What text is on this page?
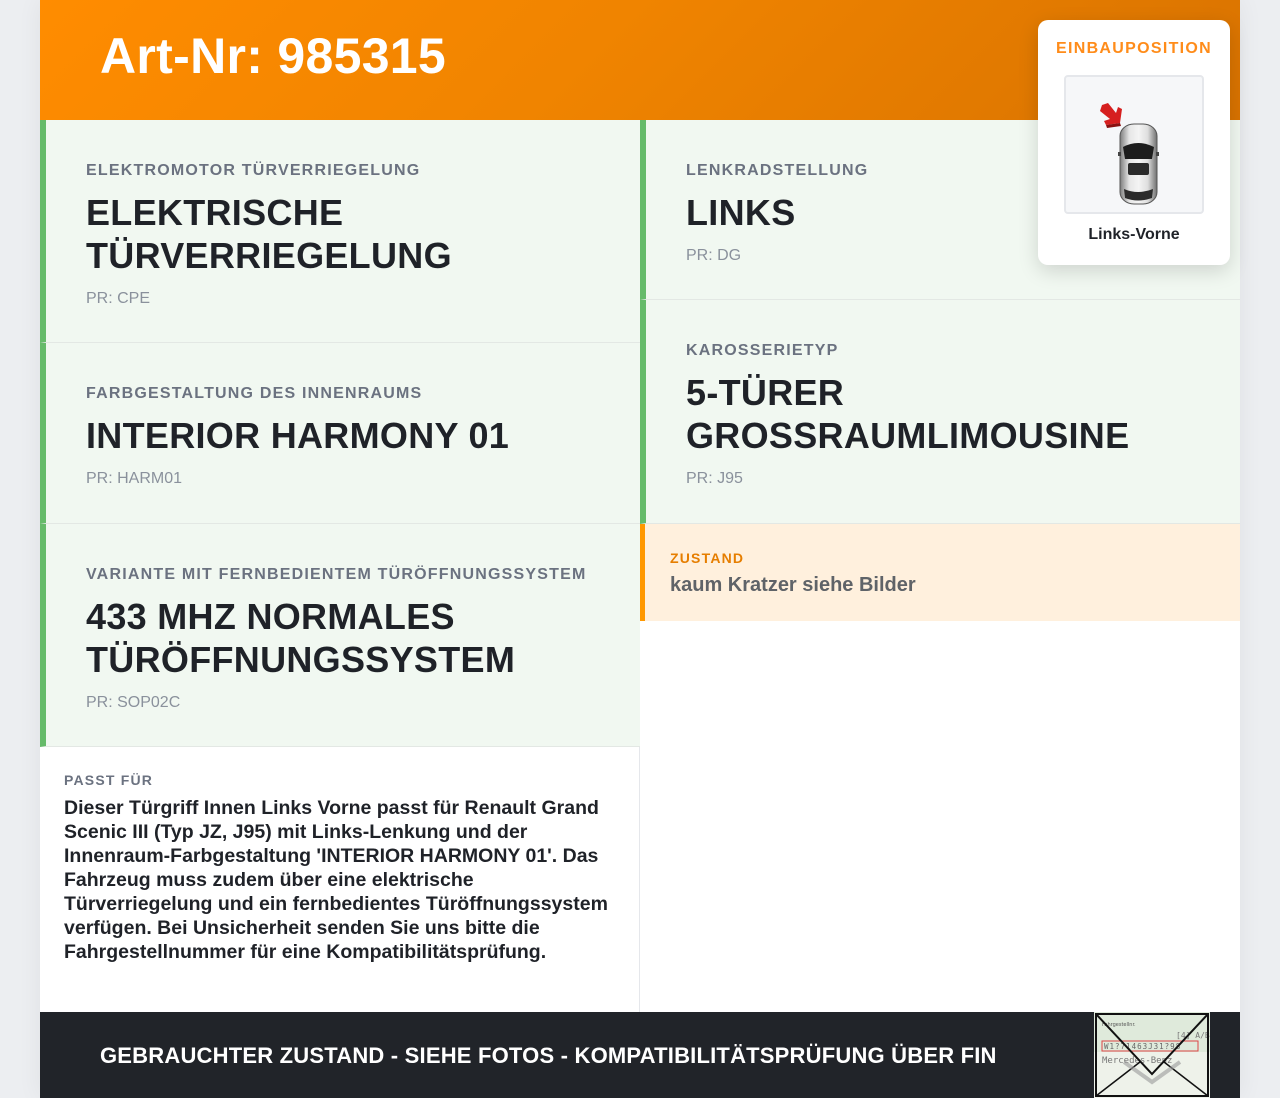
Art-Nr: 985315
ELEKTROMOTOR TÜRVERRIEGELUNG
ELEKTRISCHE TÜRVERRIEGELUNG
PR: CPE
LENKRADSTELLUNG
LINKS
PR: DG
FARBGESTALTUNG DES INNENRAUMS
INTERIOR HARMONY 01
PR: HARM01
KAROSSERIETYP
5-TÜRER GROSSRAUMLIMOUSINE
PR: J95
VARIANTE MIT FERNBEDIENTEM TÜRÖFFNUNGSSYSTEM
433 MHZ NORMALES TÜRÖFFNUNGSSYSTEM
PR: SOP02C
ZUSTAND
kaum Kratzer siehe Bilder
PASST FÜR
Dieser Türgriff Innen Links Vorne passt für Renault Grand Scenic III (Typ JZ, J95) mit Links-Lenkung und der Innenraum-Farbgestaltung 'INTERIOR HARMONY 01'. Das Fahrzeug muss zudem über eine elektrische Türverriegelung und ein fernbedientes Türöffnungssystem verfügen. Bei Unsicherheit senden Sie uns bitte die Fahrgestellnummer für eine Kompatibilitätsprüfung.
EINBAUPOSITION
Links-Vorne
GEBRAUCHTER ZUSTAND - SIEHE FOTOS - KOMPATIBILITÄTSPRÜFUNG ÜBER FIN
Fahrgestellnr.
[4] A/B
W1?71463J31?98
Mercedes-Benz
